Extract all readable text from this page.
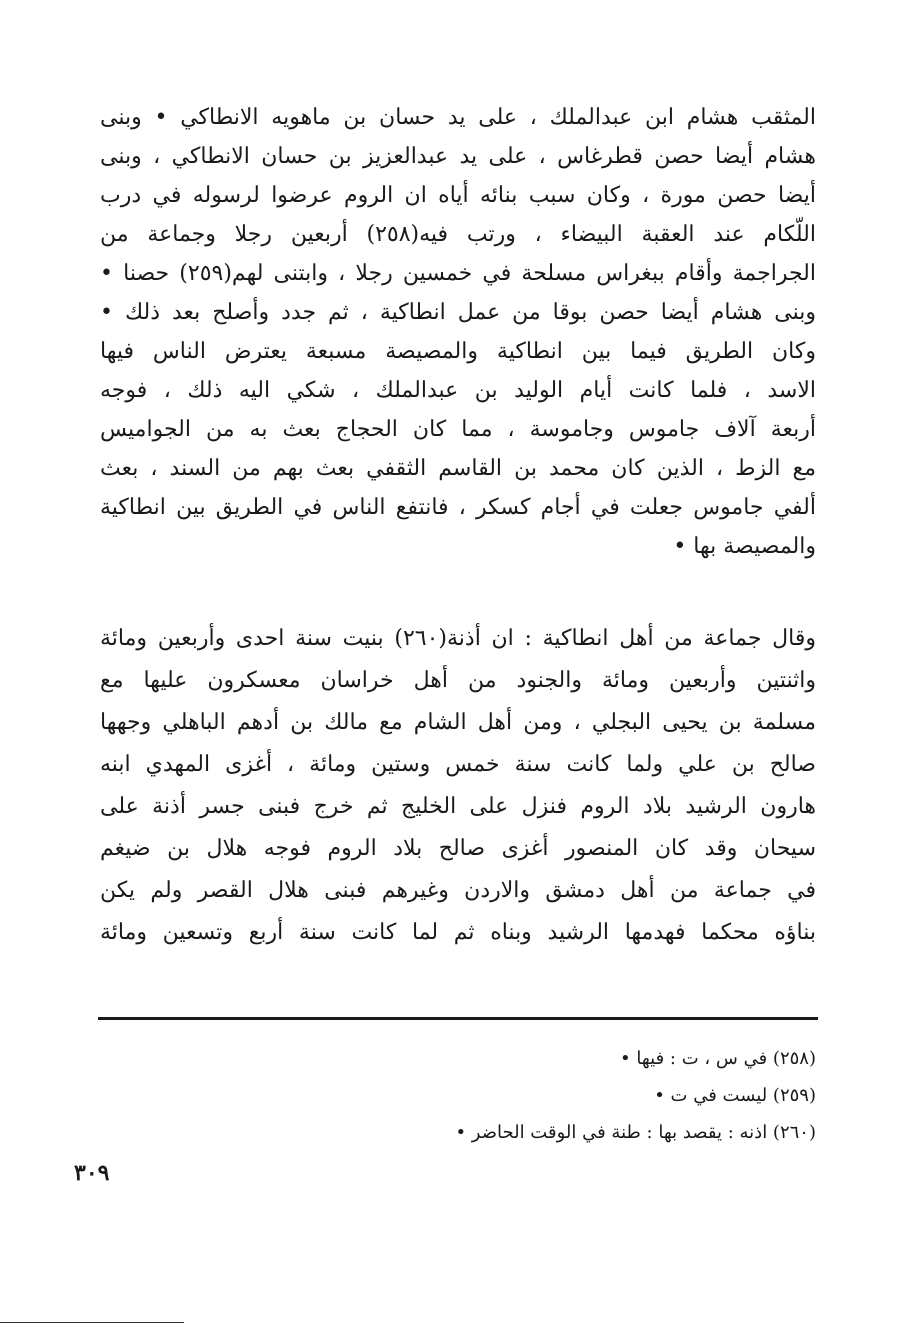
المثقب هشام ابن عبدالملك ، على يد حسان بن ماهويه الانطاكي • وبنى
هشام أيضا حصن قطرغاس ، على يد عبدالعزيز بن حسان الانطاكي ، وبنى
أيضا حصن مورة ، وكان سبب بنائه أياه ان الروم عرضوا لرسوله في درب
اللّكام عند العقبة البيضاء ، ورتب فيه(٢٥٨) أربعين رجلا وجماعة من
الجراجمة وأقام ببغراس مسلحة في خمسين رجلا ، وابتنى لهم(٢٥٩) حصنا •
وبنى هشام أيضا حصن بوقا من عمل انطاكية ، ثم جدد وأصلح بعد ذلك •
وكان الطريق فيما بين انطاكية والمصيصة مسبعة يعترض الناس فيها
الاسد ، فلما كانت أيام الوليد بن عبدالملك ، شكي اليه ذلك ، فوجه
أربعة آلاف جاموس وجاموسة ، مما كان الحجاج بعث به من الجواميس
مع الزط ، الذين كان محمد بن القاسم الثقفي بعث بهم من السند ، بعث
ألفي جاموس جعلت في أجام كسكر ، فانتفع الناس في الطريق بين انطاكية
والمصيصة بها •
وقال جماعة من أهل انطاكية : ان أذنة(٢٦٠) بنيت سنة احدى وأربعين ومائة
واثنتين وأربعين ومائة والجنود من أهل خراسان معسكرون عليها مع
مسلمة بن يحيى البجلي ، ومن أهل الشام مع مالك بن أدهم الباهلي وجهها
صالح بن علي ولما كانت سنة خمس وستين ومائة ، أغزى المهدي ابنه
هارون الرشيد بلاد الروم فنزل على الخليج ثم خرج فبنى جسر أذنة على
سيحان وقد كان المنصور أغزى صالح بلاد الروم فوجه هلال بن ضيغم
في جماعة من أهل دمشق والاردن وغيرهم فبنى هلال القصر ولم يكن
بناؤه محكما فهدمها الرشيد وبناه ثم لما كانت سنة أربع وتسعين ومائة
(٢٥٨) في س ، ت : فيها •
(٢٥٩) ليست في ت •
(٢٦٠) اذنه : يقصد بها : طنة في الوقت الحاضر •
٣٠٩
